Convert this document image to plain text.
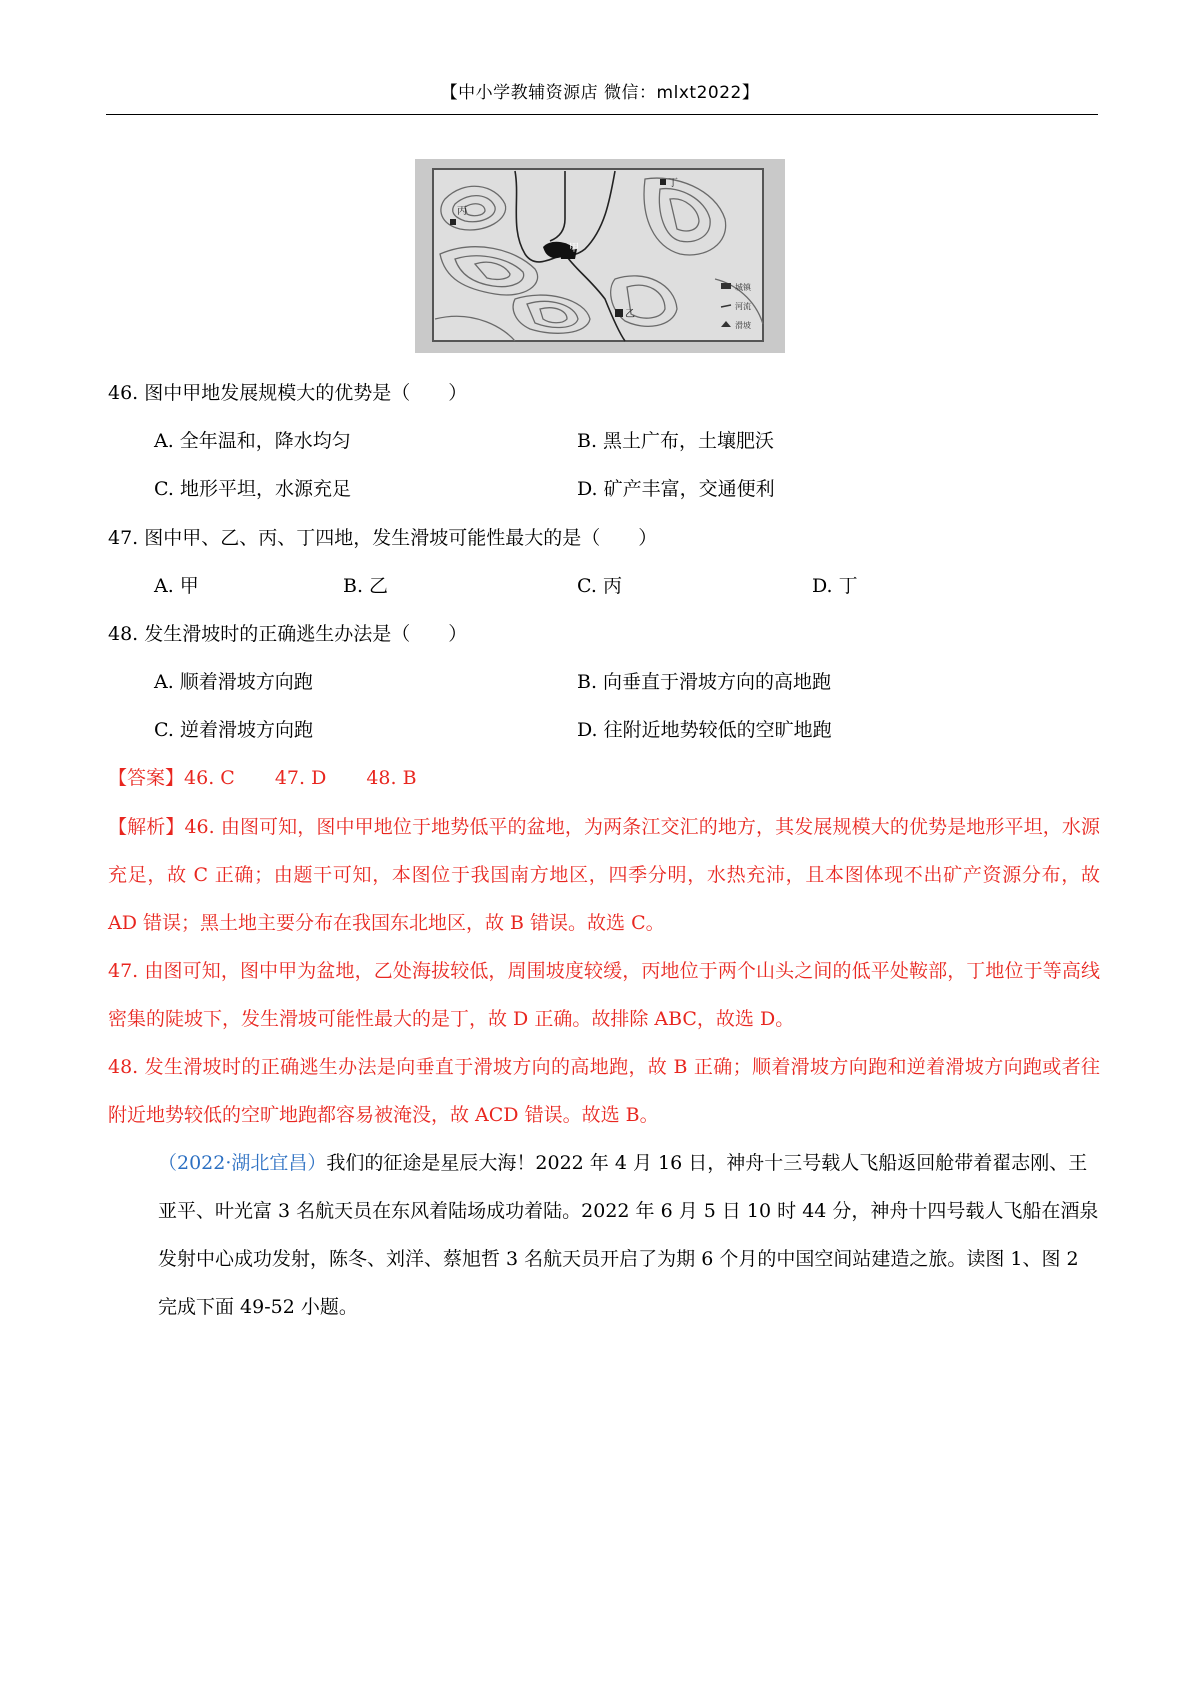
【中小学教辅资源店 微信：mlxt2022】
甲
乙
丙
丁
城镇
河流
滑坡
46. 图中甲地发展规模大的优势是（　　）
A. 全年温和，降水均匀	B. 黑土广布，土壤肥沃
C. 地形平坦，水源充足	D. 矿产丰富，交通便利
47. 图中甲、乙、丙、丁四地，发生滑坡可能性最大的是（　　）
A. 甲	B. 乙	C. 丙	D. 丁
48. 发生滑坡时的正确逃生办法是（　　）
A. 顺着滑坡方向跑	B. 向垂直于滑坡方向的高地跑
C. 逆着滑坡方向跑	D. 往附近地势较低的空旷地跑
【答案】46. C 47. D 48. B
【解析】46. 由图可知，图中甲地位于地势低平的盆地，为两条江交汇的地方，其发展规模大的优势是地形平坦，水源充足，故 C 正确；由题干可知，本图位于我国南方地区，四季分明，水热充沛，且本图体现不出矿产资源分布，故 AD 错误；黑土地主要分布在我国东北地区，故 B 错误。故选 C。
47. 由图可知，图中甲为盆地，乙处海拔较低，周围坡度较缓，丙地位于两个山头之间的低平处鞍部，丁地位于等高线密集的陡坡下，发生滑坡可能性最大的是丁，故 D 正确。故排除 ABC，故选 D。
48. 发生滑坡时的正确逃生办法是向垂直于滑坡方向的高地跑，故 B 正确；顺着滑坡方向跑和逆着滑坡方向跑或者往附近地势较低的空旷地跑都容易被淹没，故 ACD 错误。故选 B。
（2022·湖北宜昌）我们的征途是星辰大海！2022 年 4 月 16 日，神舟十三号载人飞船返回舱带着翟志刚、王亚平、叶光富 3 名航天员在东风着陆场成功着陆。2022 年 6 月 5 日 10 时 44 分，神舟十四号载人飞船在酒泉发射中心成功发射，陈冬、刘洋、蔡旭哲 3 名航天员开启了为期 6 个月的中国空间站建造之旅。读图 1、图 2 完成下面 49-52 小题。
